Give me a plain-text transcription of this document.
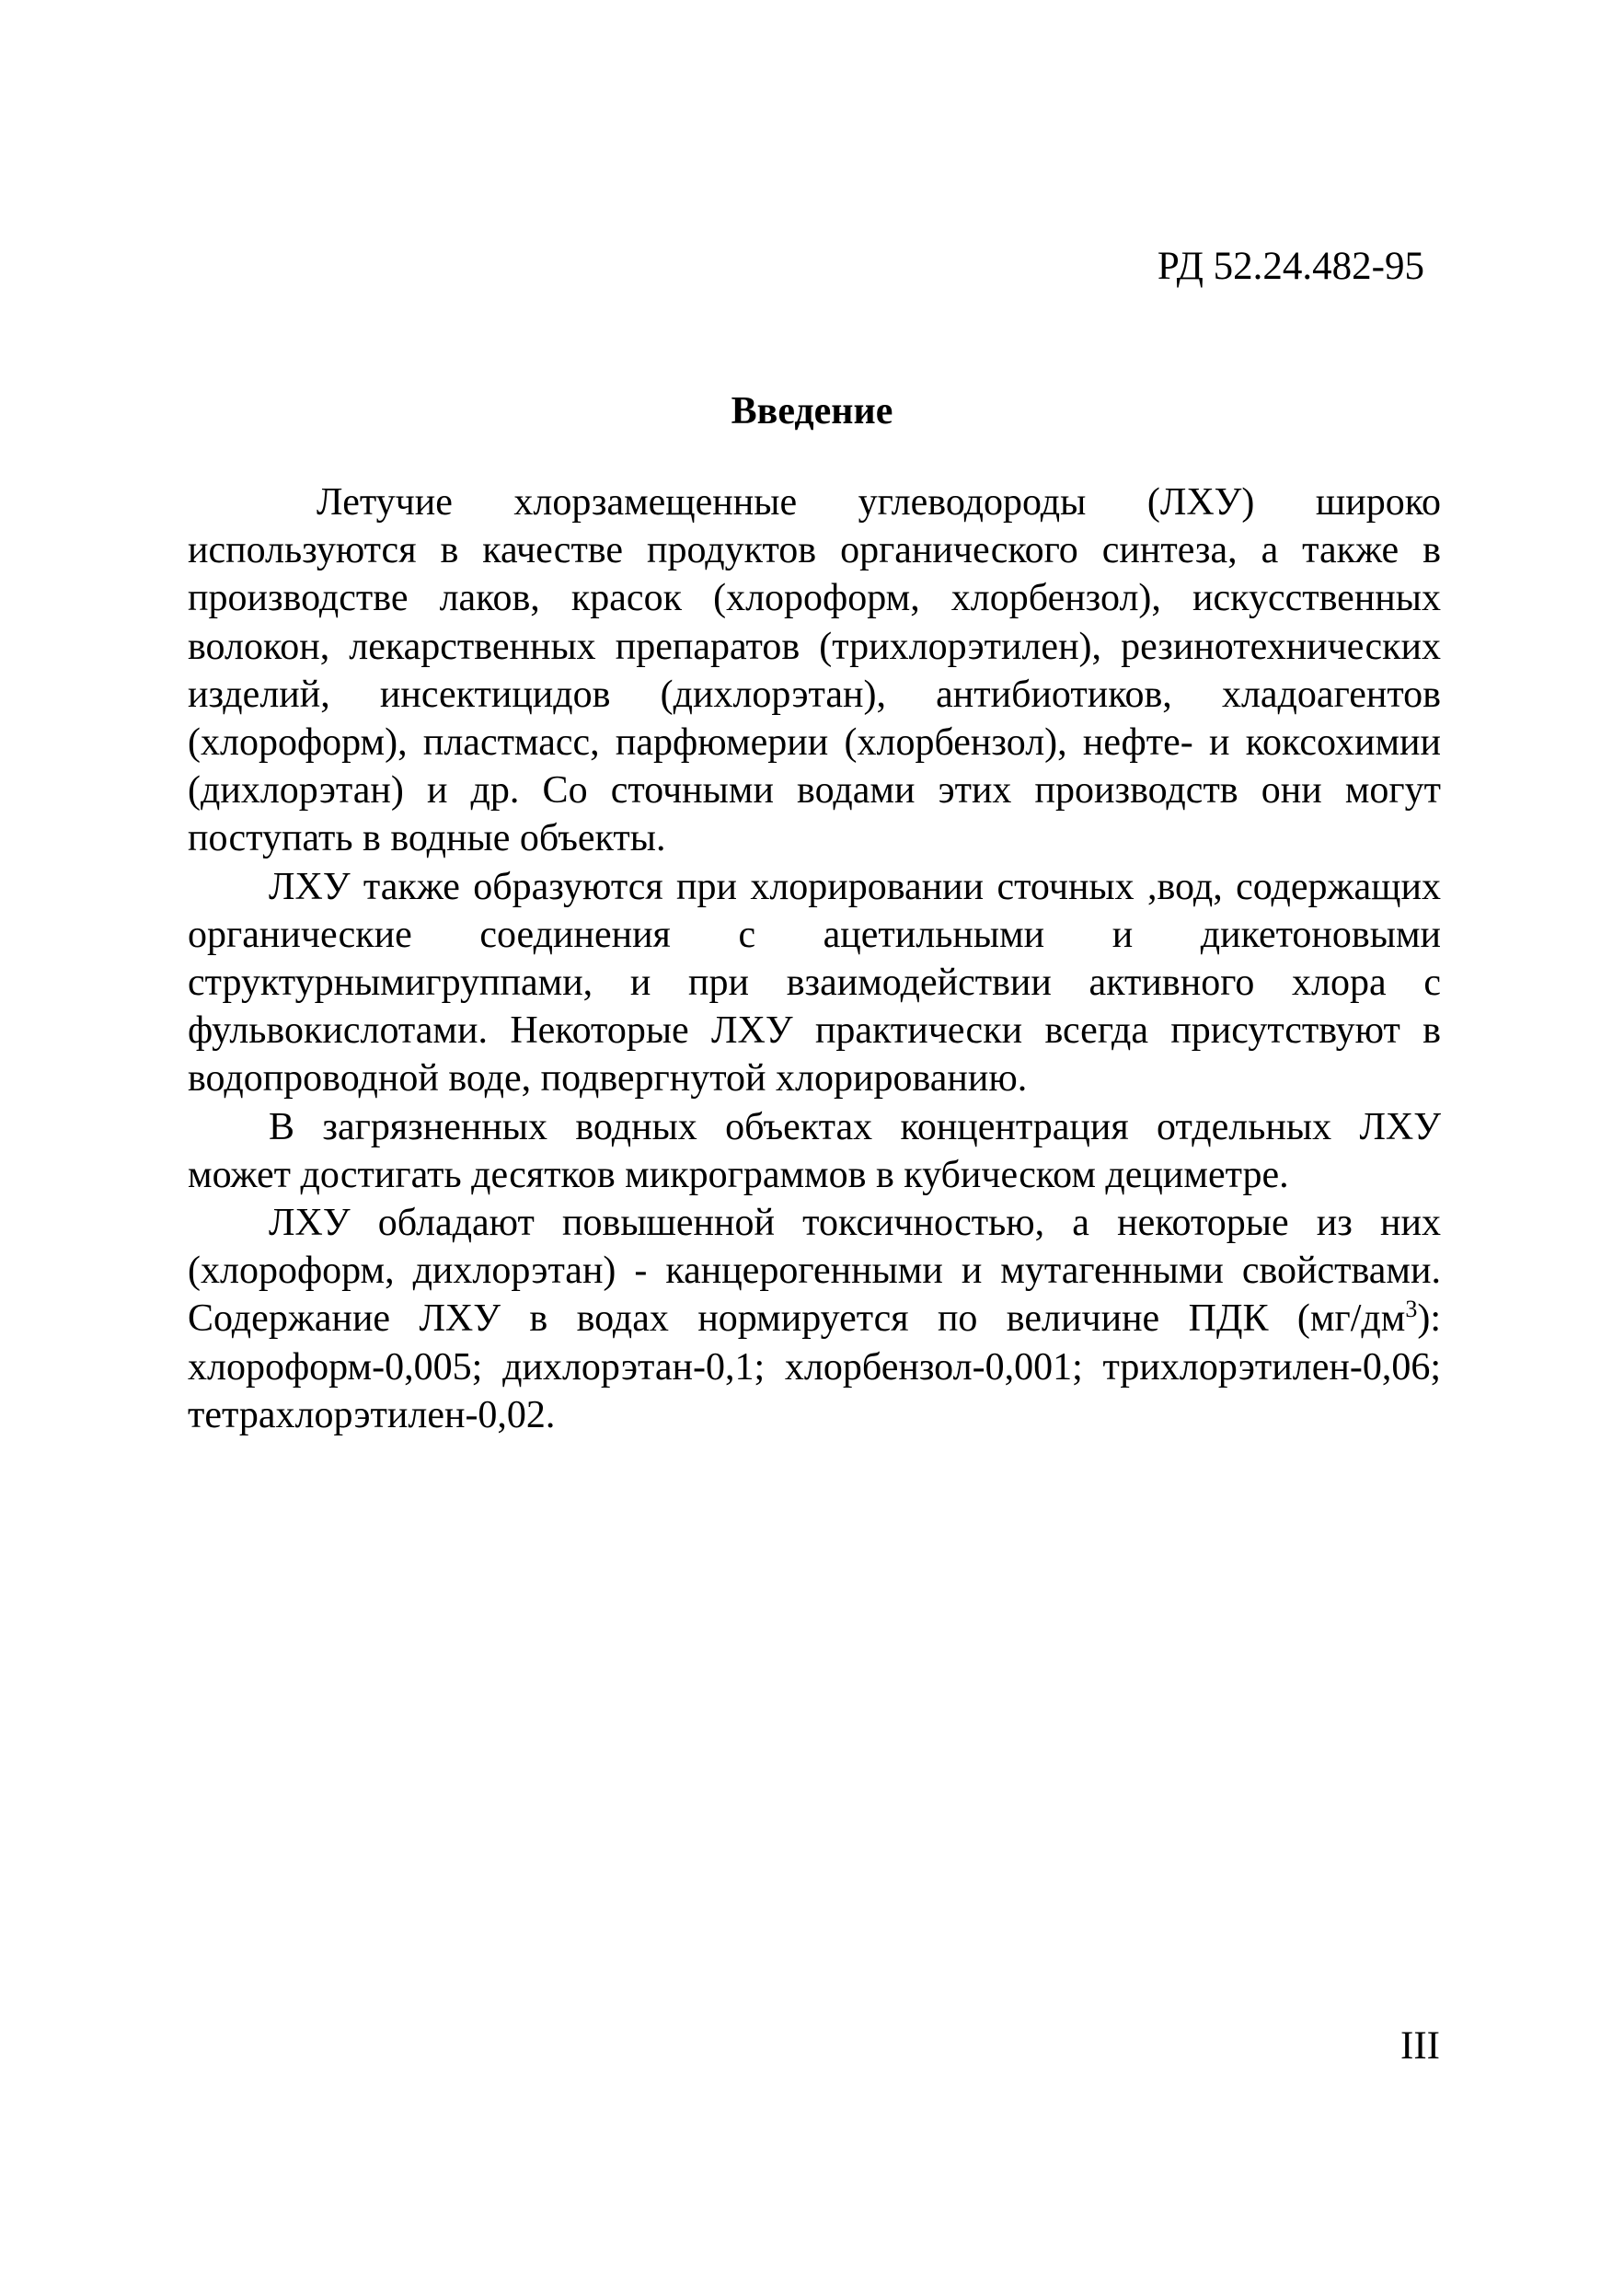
РД 52.24.482-95
Введение

Летучие хлорзамещенные углеводороды (ЛХУ) широко используются в качестве продуктов органического синтеза, а также в производстве лаков, красок (хлороформ, хлорбензол), искусственных волокон, лекарственных препаратов (трихлорэтилен), резинотехнических изделий, инсектицидов (дихлорэтан), антибиотиков, хладоагентов (хлороформ), пластмасс, парфюмерии (хлорбензол), нефте- и коксохимии (дихлорэтан) и др. Со сточными водами этих производств они могут поступать в водные объекты.

ЛХУ также образуются при хлорировании сточных ,вод, содержащих органические соединения с ацетильными и дикетоновыми структурнымигруппами, и при взаимодействии активного хлора с фульвокислотами. Некоторые ЛХУ практически всегда присутствуют в водопроводной воде, подвергнутой хлорированию.

В загрязненных водных объектах концентрация отдельных ЛХУ может достигать десятков микрограммов в кубическом дециметре.

ЛХУ обладают повышенной токсичностью, а некоторые из них (хлороформ, дихлорэтан) - канцерогенными и мутагенными свойствами. Содержание ЛХУ в водах нормируется по величине ПДК $(мг/дм^3)$: хлороформ-0,005; дихлорэтан-0,1; хлорбензол-0,001; трихлорэтилен-0,06; тетрахлорэтилен-0,02.

III
